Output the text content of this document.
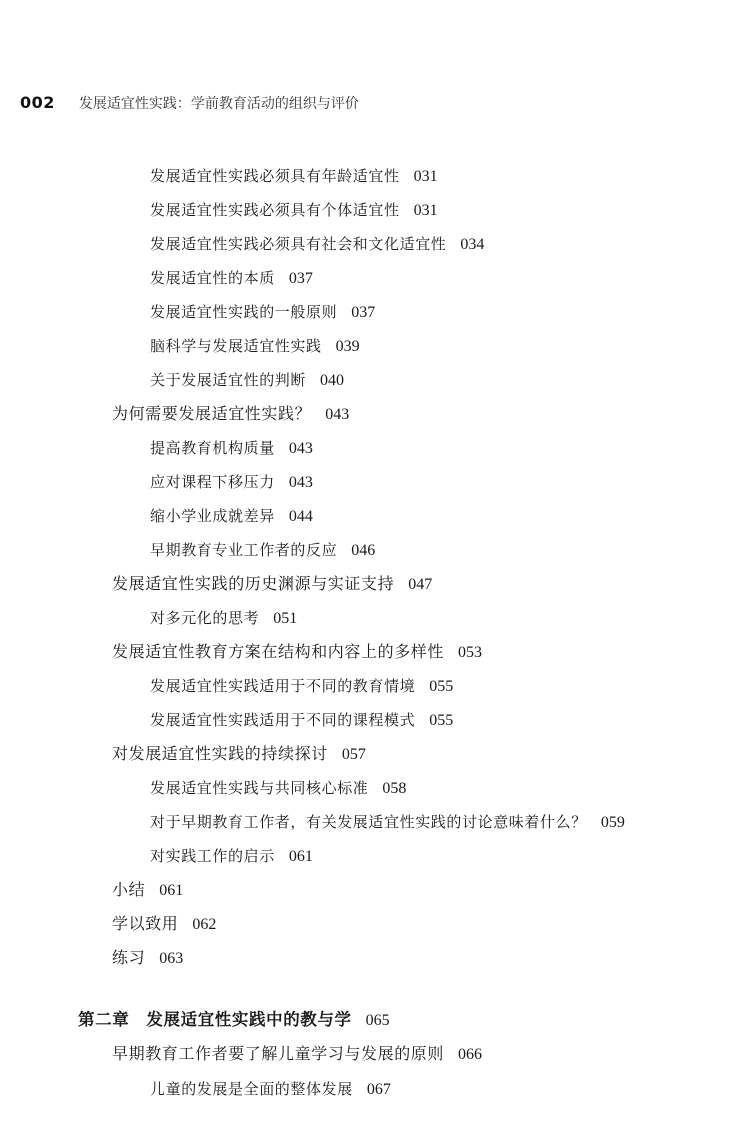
002 发展适宜性实践：学前教育活动的组织与评价
发展适宜性实践必须具有年龄适宜性 031
发展适宜性实践必须具有个体适宜性 031
发展适宜性实践必须具有社会和文化适宜性 034
发展适宜性的本质 037
发展适宜性实践的一般原则 037
脑科学与发展适宜性实践 039
关于发展适宜性的判断 040
为何需要发展适宜性实践？ 043
提高教育机构质量 043
应对课程下移压力 043
缩小学业成就差异 044
早期教育专业工作者的反应 046
发展适宜性实践的历史渊源与实证支持 047
对多元化的思考 051
发展适宜性教育方案在结构和内容上的多样性 053
发展适宜性实践适用于不同的教育情境 055
发展适宜性实践适用于不同的课程模式 055
对发展适宜性实践的持续探讨 057
发展适宜性实践与共同核心标准 058
对于早期教育工作者，有关发展适宜性实践的讨论意味着什么？ 059
对实践工作的启示 061
小结 061
学以致用 062
练习 063
第二章　发展适宜性实践中的教与学 065
早期教育工作者要了解儿童学习与发展的原则 066
儿童的发展是全面的整体发展 067
